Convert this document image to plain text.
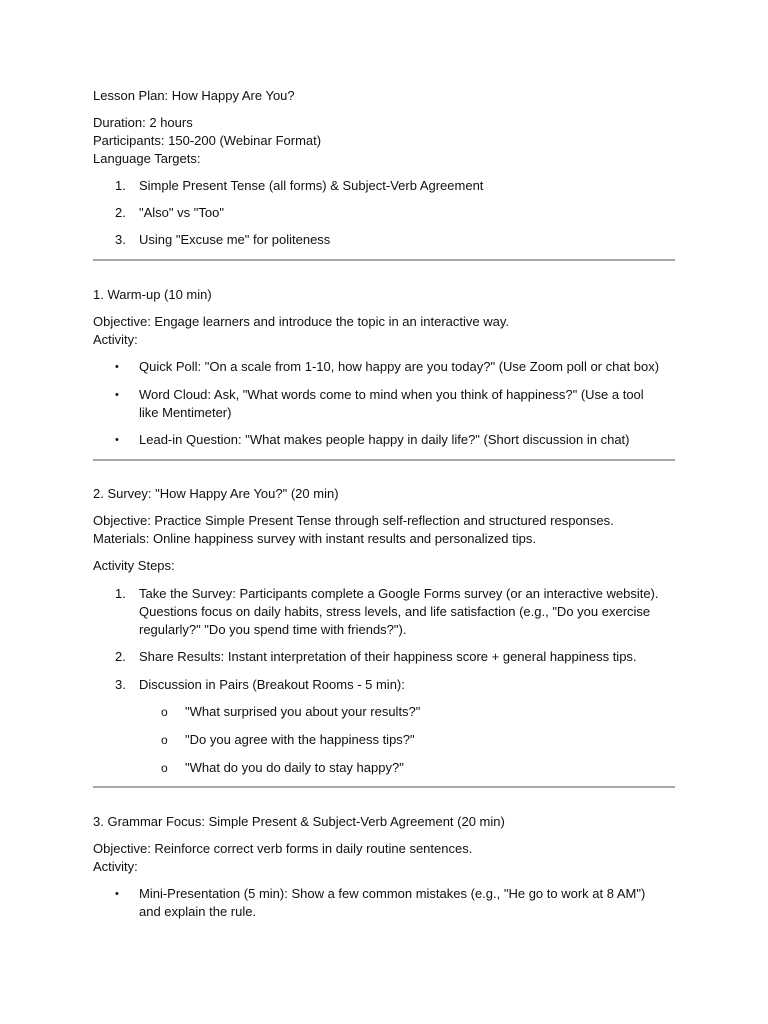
Lesson Plan: How Happy Are You?

Duration: 2 hours
Participants: 150-200 (Webinar Format)
Language Targets:

1. Simple Present Tense (all forms) & Subject-Verb Agreement
2. "Also" vs "Too"
3. Using "Excuse me" for politeness

1. Warm-up (10 min)

Objective: Engage learners and introduce the topic in an interactive way.
Activity:

• Quick Poll: "On a scale from 1-10, how happy are you today?" (Use Zoom poll or chat box)
• Word Cloud: Ask, "What words come to mind when you think of happiness?" (Use a tool
like Mentimeter)
• Lead-in Question: "What makes people happy in daily life?" (Short discussion in chat)

2. Survey: "How Happy Are You?" (20 min)

Objective: Practice Simple Present Tense through self-reflection and structured responses.
Materials: Online happiness survey with instant results and personalized tips.

Activity Steps:

1. Take the Survey: Participants complete a Google Forms survey (or an interactive website).
Questions focus on daily habits, stress levels, and life satisfaction (e.g., "Do you exercise
regularly?" "Do you spend time with friends?").
2. Share Results: Instant interpretation of their happiness score + general happiness tips.
3. Discussion in Pairs (Breakout Rooms - 5 min):
o "What surprised you about your results?"
o "Do you agree with the happiness tips?"
o "What do you do daily to stay happy?"

3. Grammar Focus: Simple Present & Subject-Verb Agreement (20 min)

Objective: Reinforce correct verb forms in daily routine sentences.
Activity:

• Mini-Presentation (5 min): Show a few common mistakes (e.g., "He go to work at 8 AM")
and explain the rule.
